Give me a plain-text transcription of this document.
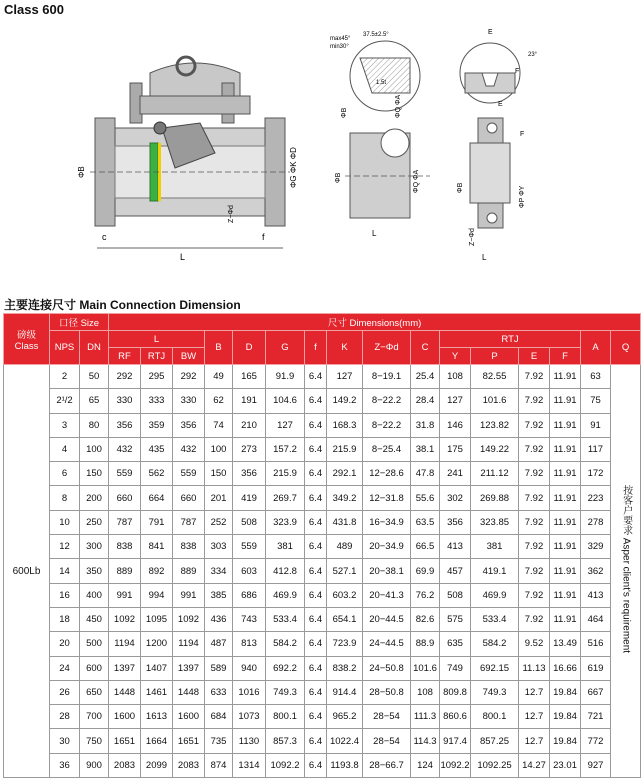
Class 600
L
c	f
ΦB	ΦG ΦK ΦD
Z−Φd
max45°
min30°
37.5±2.5°
1.5t
ΦB	ΦQ ΦA
ΦB	ΦQ ΦA
L
E
23°
F
E
F
ΦB	ΦP ΦY
Z−Φd
L
主要连接尺寸 Main Connection Dimension
磅级
Class	口径 Size		尺寸 Dimensions(mm)															
	NPS	DN	L			B	D	G	f	K	Z−Φd	C	RTJ				A	Q
			RF	RTJ	BW								Y	P	E	F		
600Lb	2	50	292	295	292	49	165	91.9	6.4	127	8−19.1	25.4	108	82.55	7.92	11.91	63	按客户要求 Asper client's requirement
	2¹/2	65	330	333	330	62	191	104.6	6.4	149.2	8−22.2	28.4	127	101.6	7.92	11.91	75	
	3	80	356	359	356	74	210	127	6.4	168.3	8−22.2	31.8	146	123.82	7.92	11.91	91	
	4	100	432	435	432	100	273	157.2	6.4	215.9	8−25.4	38.1	175	149.22	7.92	11.91	117	
	6	150	559	562	559	150	356	215.9	6.4	292.1	12−28.6	47.8	241	211.12	7.92	11.91	172	
	8	200	660	664	660	201	419	269.7	6.4	349.2	12−31.8	55.6	302	269.88	7.92	11.91	223	
	10	250	787	791	787	252	508	323.9	6.4	431.8	16−34.9	63.5	356	323.85	7.92	11.91	278	
	12	300	838	841	838	303	559	381	6.4	489	20−34.9	66.5	413	381	7.92	11.91	329	
	14	350	889	892	889	334	603	412.8	6.4	527.1	20−38.1	69.9	457	419.1	7.92	11.91	362	
	16	400	991	994	991	385	686	469.9	6.4	603.2	20−41.3	76.2	508	469.9	7.92	11.91	413	
	18	450	1092	1095	1092	436	743	533.4	6.4	654.1	20−44.5	82.6	575	533.4	7.92	11.91	464	
	20	500	1194	1200	1194	487	813	584.2	6.4	723.9	24−44.5	88.9	635	584.2	9.52	13.49	516	
	24	600	1397	1407	1397	589	940	692.2	6.4	838.2	24−50.8	101.6	749	692.15	11.13	16.66	619	
	26	650	1448	1461	1448	633	1016	749.3	6.4	914.4	28−50.8	108	809.8	749.3	12.7	19.84	667	
	28	700	1600	1613	1600	684	1073	800.1	6.4	965.2	28−54	111.3	860.6	800.1	12.7	19.84	721	
	30	750	1651	1664	1651	735	1130	857.3	6.4	1022.4	28−54	114.3	917.4	857.25	12.7	19.84	772	
	36	900	2083	2099	2083	874	1314	1092.2	6.4	1193.8	28−66.7	124	1092.2	1092.25	14.27	23.01	927	
